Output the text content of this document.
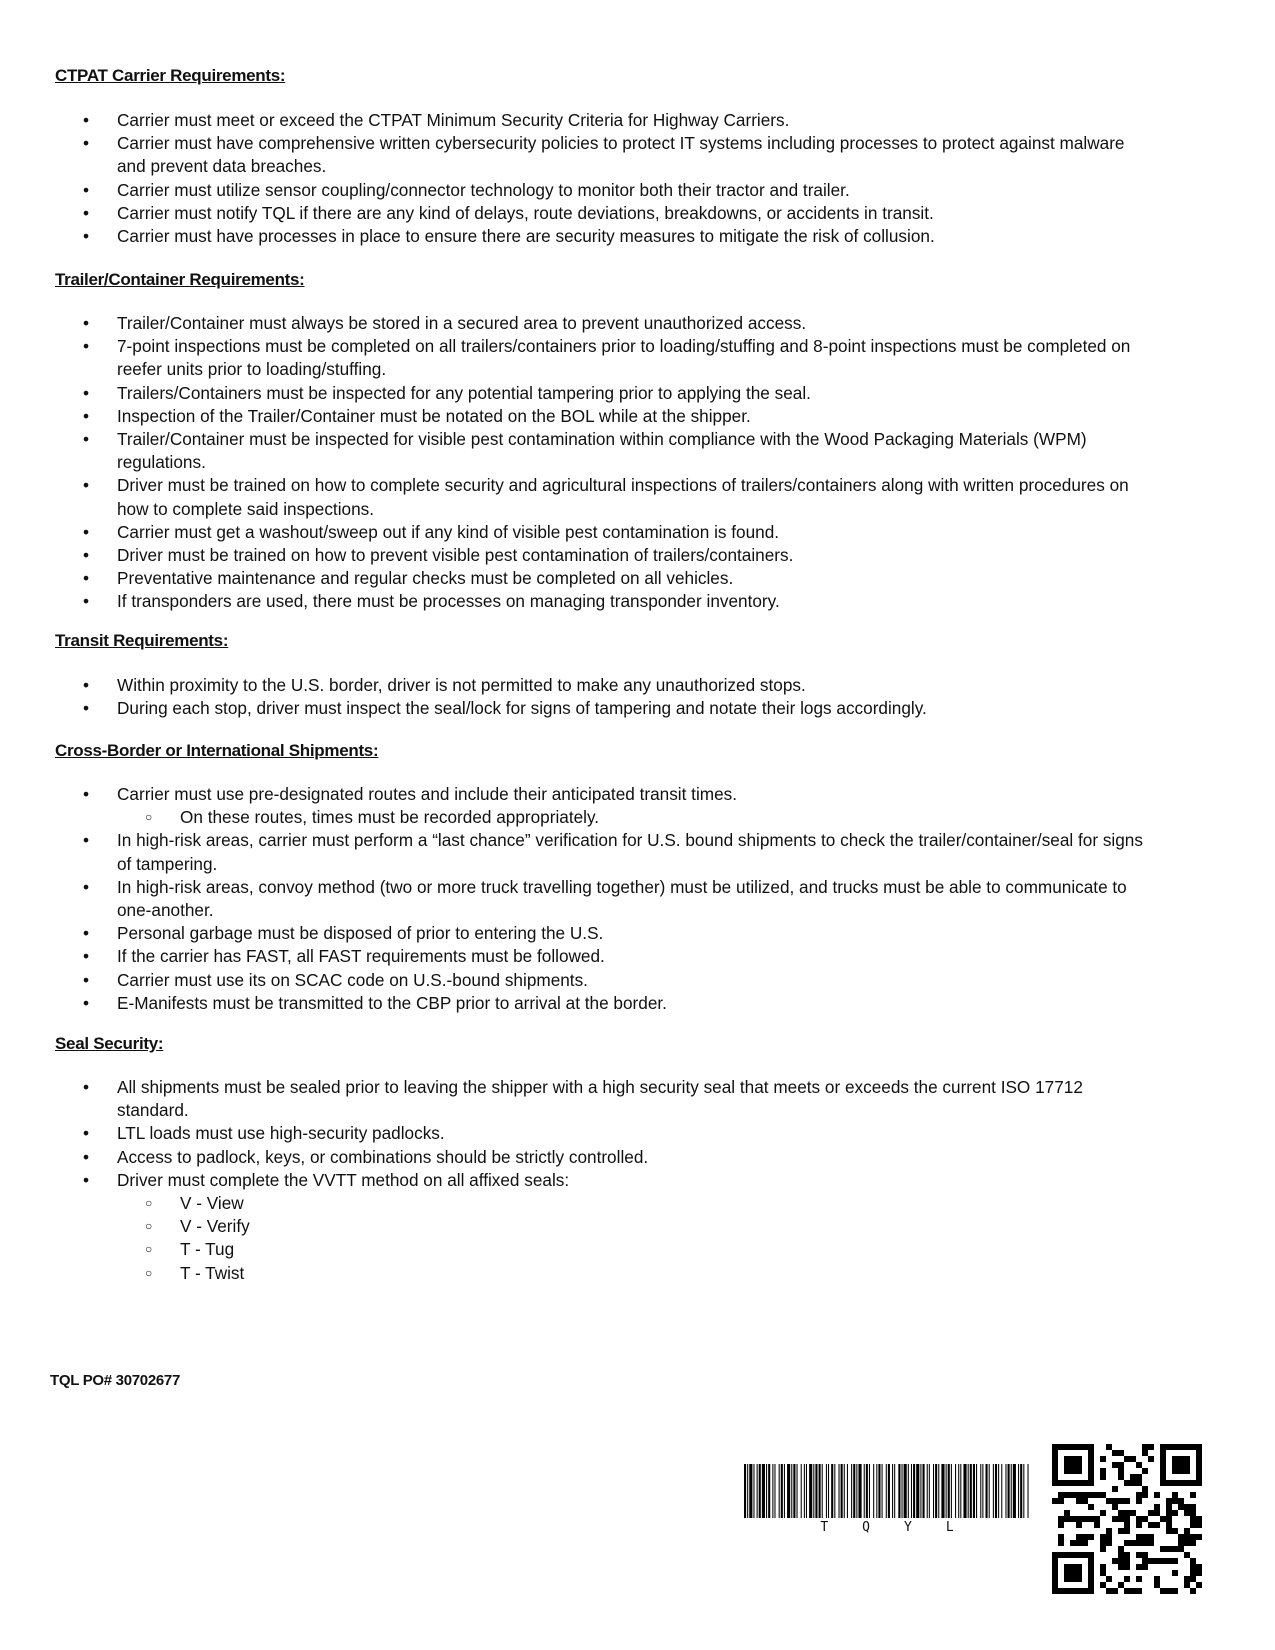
CTPAT Carrier Requirements:
• Carrier must meet or exceed the CTPAT Minimum Security Criteria for Highway Carriers.
• Carrier must have comprehensive written cybersecurity policies to protect IT systems including processes to protect against malware and prevent data breaches.
• Carrier must utilize sensor coupling/connector technology to monitor both their tractor and trailer.
• Carrier must notify TQL if there are any kind of delays, route deviations, breakdowns, or accidents in transit.
• Carrier must have processes in place to ensure there are security measures to mitigate the risk of collusion.
Trailer/Container Requirements:
• Trailer/Container must always be stored in a secured area to prevent unauthorized access.
• 7-point inspections must be completed on all trailers/containers prior to loading/stuffing and 8-point inspections must be completed on reefer units prior to loading/stuffing.
• Trailers/Containers must be inspected for any potential tampering prior to applying the seal.
• Inspection of the Trailer/Container must be notated on the BOL while at the shipper.
• Trailer/Container must be inspected for visible pest contamination within compliance with the Wood Packaging Materials (WPM) regulations.
• Driver must be trained on how to complete security and agricultural inspections of trailers/containers along with written procedures on how to complete said inspections.
• Carrier must get a washout/sweep out if any kind of visible pest contamination is found.
• Driver must be trained on how to prevent visible pest contamination of trailers/containers.
• Preventative maintenance and regular checks must be completed on all vehicles.
• If transponders are used, there must be processes on managing transponder inventory.
Transit Requirements:
• Within proximity to the U.S. border, driver is not permitted to make any unauthorized stops.
• During each stop, driver must inspect the seal/lock for signs of tampering and notate their logs accordingly.
Cross-Border or International Shipments:
• Carrier must use pre-designated routes and include their anticipated transit times.
○ On these routes, times must be recorded appropriately.
• In high-risk areas, carrier must perform a “last chance” verification for U.S. bound shipments to check the trailer/container/seal for signs of tampering.
• In high-risk areas, convoy method (two or more truck travelling together) must be utilized, and trucks must be able to communicate to one-another.
• Personal garbage must be disposed of prior to entering the U.S.
• If the carrier has FAST, all FAST requirements must be followed.
• Carrier must use its on SCAC code on U.S.-bound shipments.
• E-Manifests must be transmitted to the CBP prior to arrival at the border.
Seal Security:
• All shipments must be sealed prior to leaving the shipper with a high security seal that meets or exceeds the current ISO 17712 standard.
• LTL loads must use high-security padlocks.
• Access to padlock, keys, or combinations should be strictly controlled.
• Driver must complete the VVTT method on all affixed seals:
○ V - View
○ V - Verify
○ T - Tug
○ T - Twist
TQL PO# 30702677
T	Q	Y	L
